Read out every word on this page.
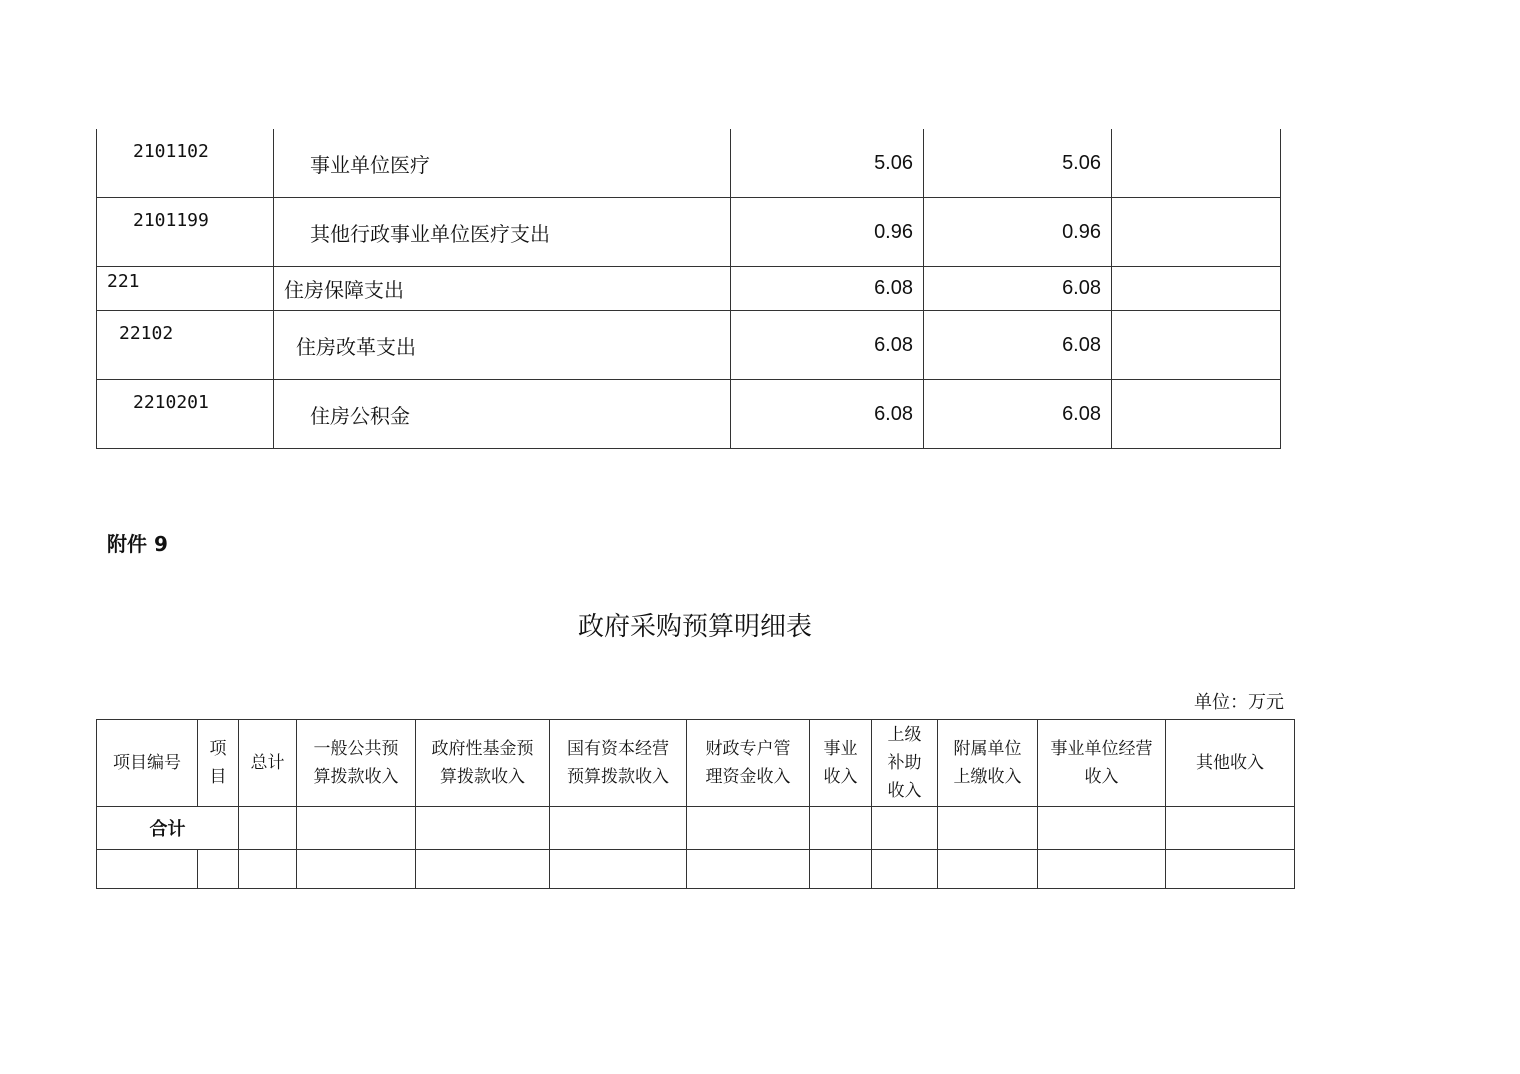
2101102	事业单位医疗	5.06	5.06	
2101199	其他行政事业单位医疗支出	0.96	0.96	
221	住房保障支出	6.08	6.08	
22102	住房改革支出	6.08	6.08	
2210201	住房公积金	6.08	6.08	

附件 9

政府采购预算明细表

单位：万元

项目编号	项目	总计	一般公共预算拨款收入	政府性基金预算拨款收入	国有资本经营预算拨款收入	财政专户管理资金收入	事业收入	上级补助收入	附属单位上缴收入	事业单位经营收入	其他收入
合计											
